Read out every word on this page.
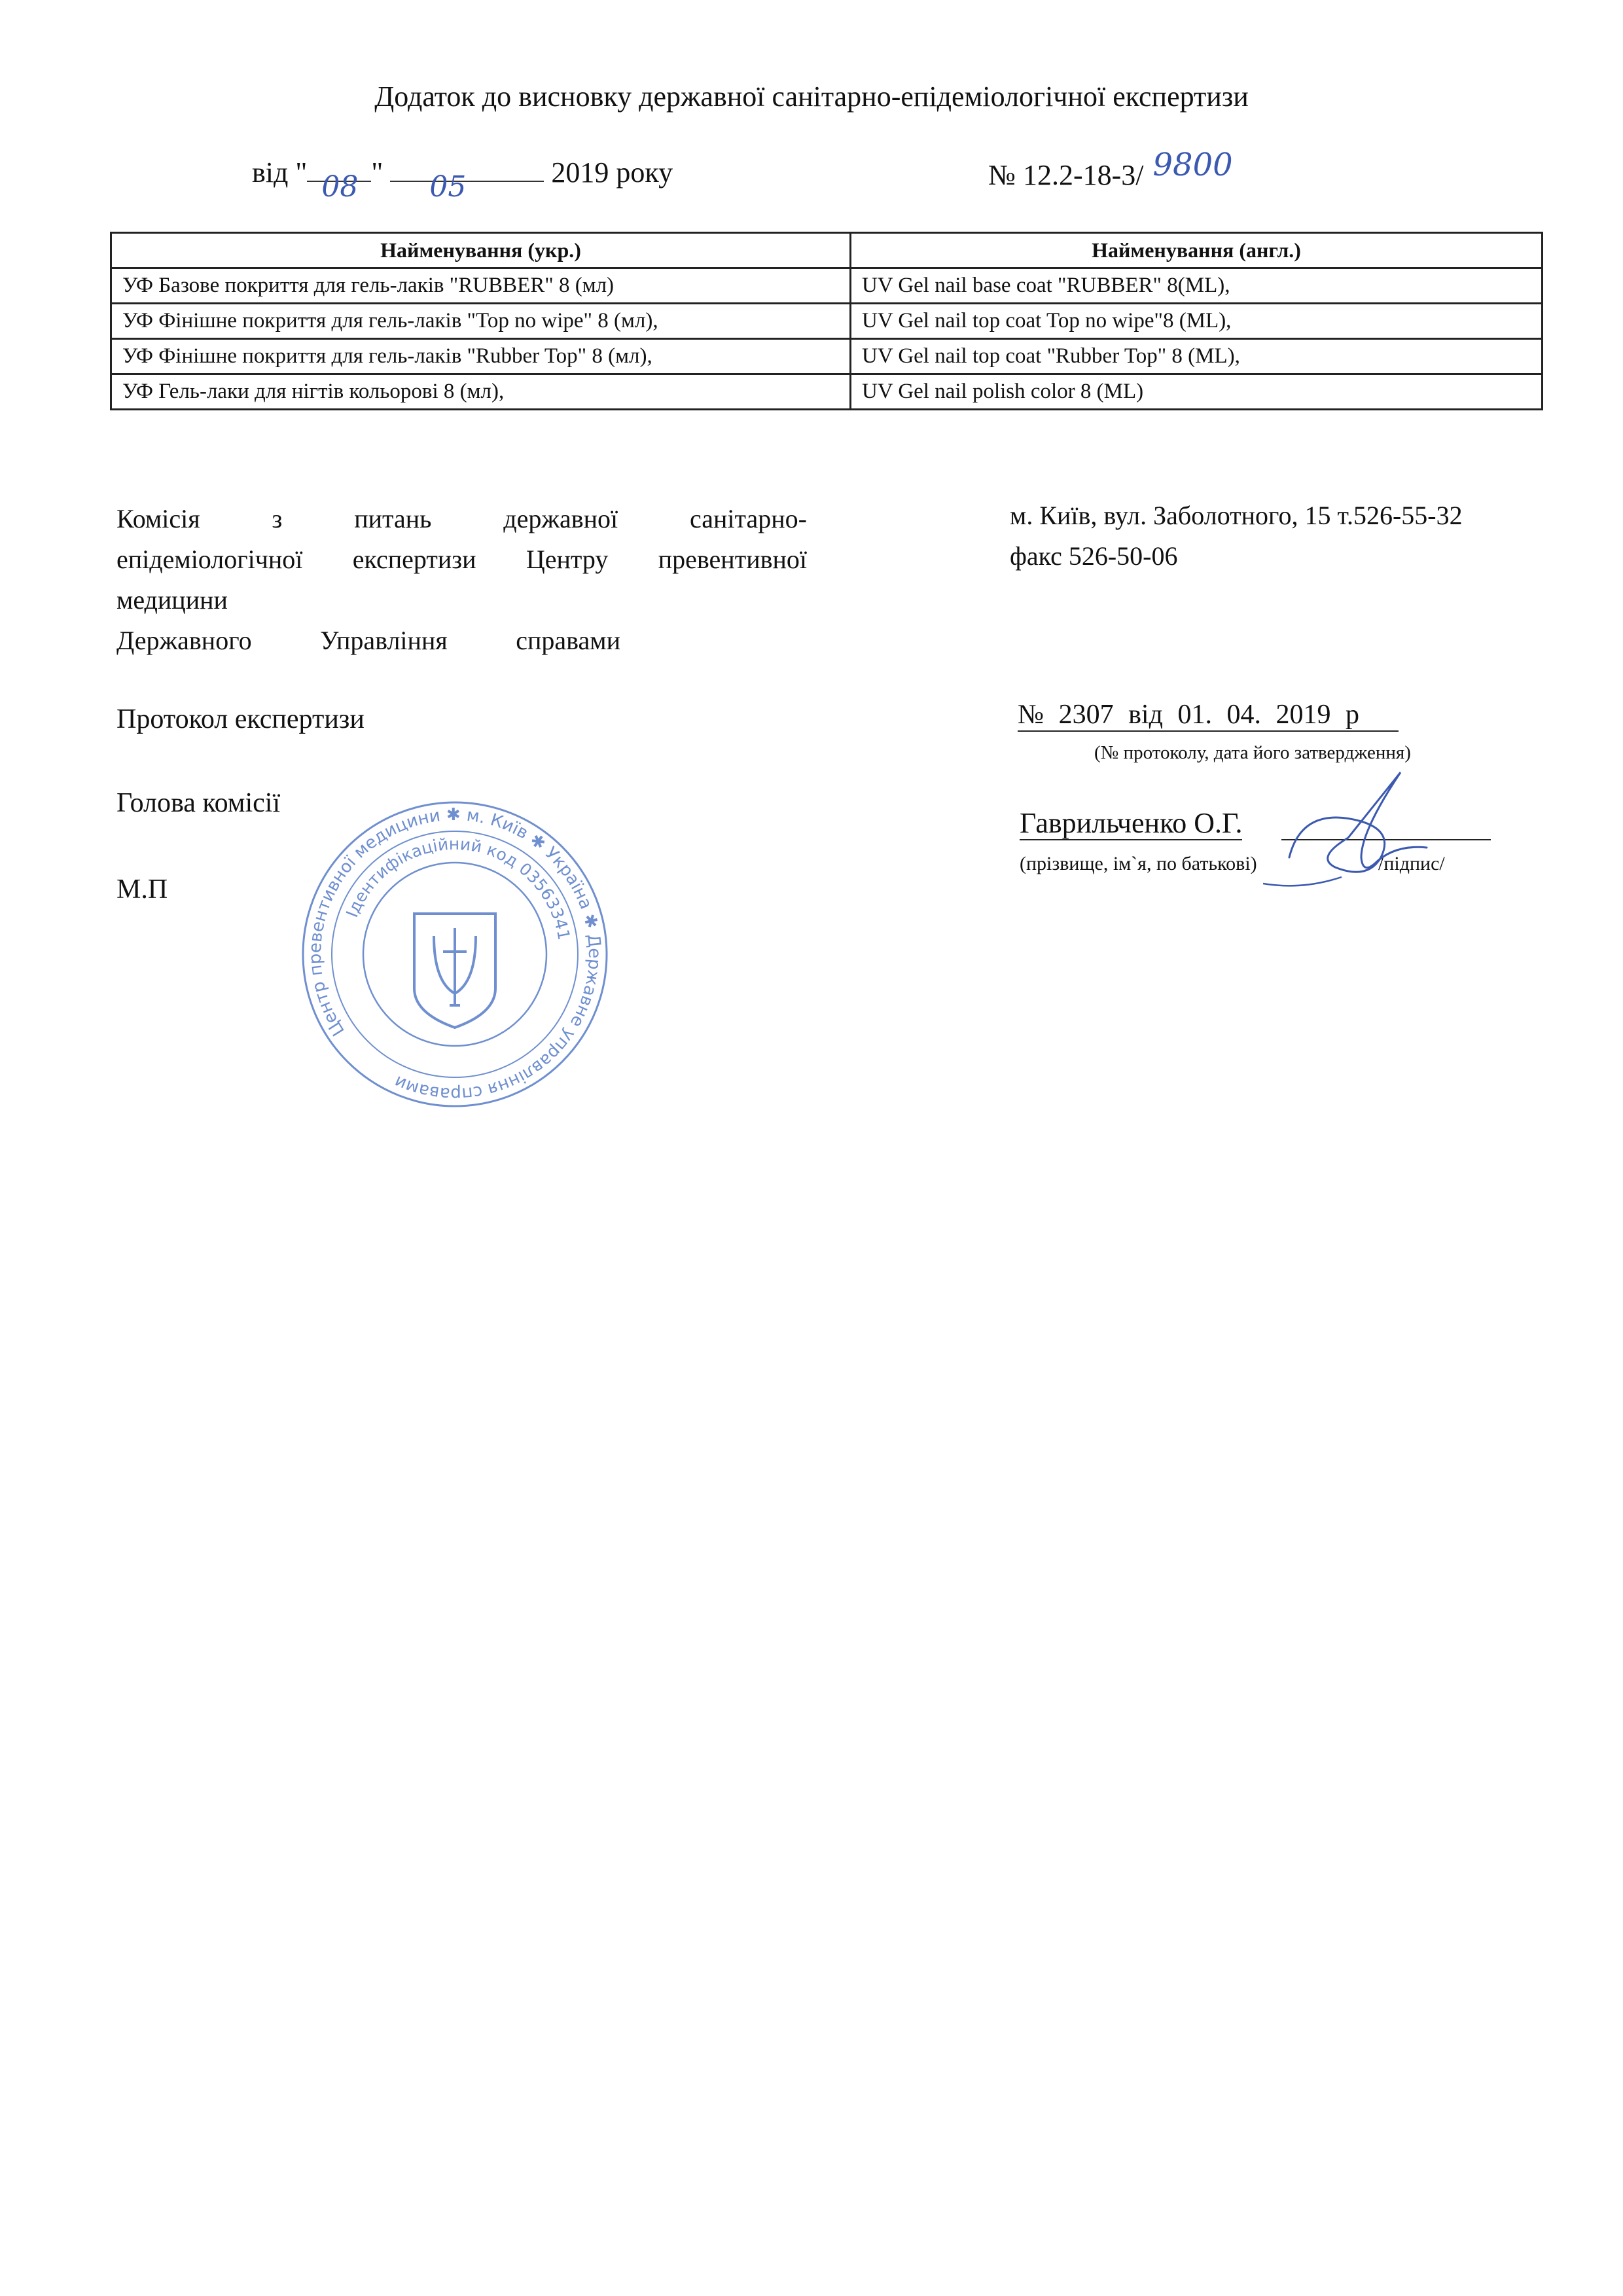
Додаток до висновку державної санітарно-епідеміологічної експертизи
від " 08 " 05	2019 року	№ 12.2-18-3/ 9800
Найменування (укр.)	Найменування (англ.)
УФ Базове покриття для гель-лаків "RUBBER" 8 (мл)	UV Gel nail base coat "RUBBER" 8(ML),
УФ Фінішне покриття для гель-лаків "Top no wipe" 8 (мл),	UV Gel nail top coat Top no wipe"8 (ML),
УФ Фінішне покриття для гель-лаків "Rubber Top" 8 (мл),	UV Gel nail top coat "Rubber Top" 8 (ML),
УФ Гель-лаки для нігтів кольорові 8 (мл),	UV Gel nail polish color 8 (ML)
Комісія	з	питань	державної санітарно-
епідеміологічної експертизи Центру превентивної
медицини
Державного	Управління	справами
м. Київ, вул. Заболотного, 15 т.526-55-32
факс 526-50-06
Протокол експертизи	№ 2307 від 01. 04. 2019 р
(№ протоколу, дата його затвердження)
Голова комісії
Гаврильченко О.Г.
(прізвище, ім`я, по батькові)	/підпис/
М.П
Центр превентивної медицини ✱ м. Київ ✱ Україна ✱ Державне управління справами
Ідентифікаційний код 03563341
